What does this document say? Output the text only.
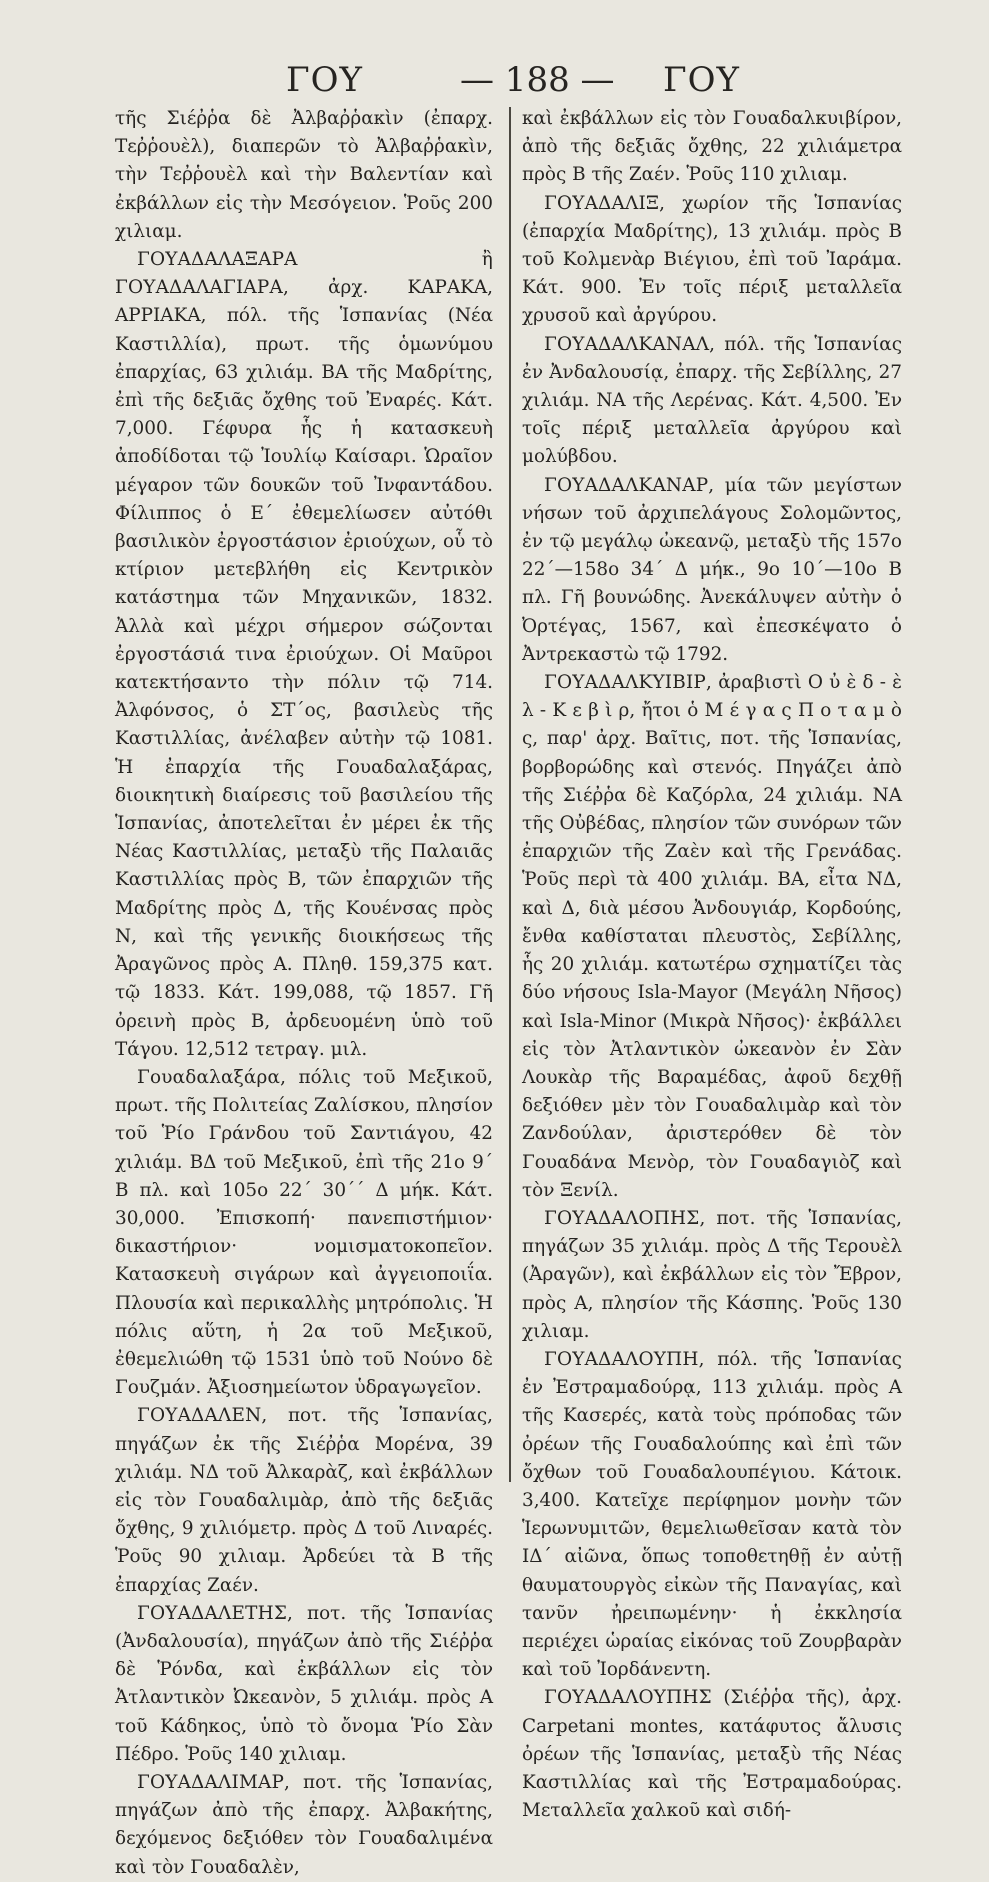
ΓΟΥ	— 188 — ΓΟΥ

τῆς Σιέῤῥα δὲ Ἀλβαῤῥακὶν (ἐπαρχ. Τεῤῥουὲλ), διαπερῶν τὸ Ἀλβαῤῥακὶν, τὴν Τεῤῥουὲλ καὶ τὴν Βαλεντίαν καὶ ἐκβάλλων εἰς τὴν Μεσόγειον. Ῥοῦς 200 χιλιαμ.

ΓΟΥΑΔΑΛΑΞΑΡΑ ἢ ΓΟΥΑΔΑΛΑΓΙΑΡΑ, ἀρχ. ΚΑΡΑΚΑ, ΑΡΡΙΑΚΑ, πόλ. τῆς Ἱσπανίας (Νέα Καστιλλία), πρωτ. τῆς ὁμωνύμου ἐπαρχίας, 63 χιλιάμ. ΒΑ τῆς Μαδρίτης, ἐπὶ τῆς δεξιᾶς ὄχθης τοῦ Ἐναρές. Κάτ. 7,000. Γέφυρα ἧς ἡ κατασκευὴ ἀποδίδοται τῷ Ἰουλίῳ Καίσαρι. Ὡραῖον μέγαρον τῶν δουκῶν τοῦ Ἰνφαντάδου. Φίλιππος ὁ Ε΄ ἐθεμελίωσεν αὐτόθι βασιλικὸν ἐργοστάσιον ἐριούχων, οὗ τὸ κτίριον μετεβλήθη εἰς Κεντρικὸν κατάστημα τῶν Μηχανικῶν, 1832. Ἀλλὰ καὶ μέχρι σήμερον σώζονται ἐργοστάσιά τινα ἐριούχων. Οἱ Μαῦροι κατεκτήσαντο τὴν πόλιν τῷ 714. Ἀλφόνσος, ὁ ΣΤ΄ος, βασιλεὺς τῆς Καστιλλίας, ἀνέλαβεν αὐτὴν τῷ 1081. Ἡ ἐπαρχία τῆς Γουαδαλαξάρας, διοικητικὴ διαίρεσις τοῦ βασιλείου τῆς Ἱσπανίας, ἀποτελεῖται ἐν μέρει ἐκ τῆς Νέας Καστιλλίας, μεταξὺ τῆς Παλαιᾶς Καστιλλίας πρὸς Β, τῶν ἐπαρχιῶν τῆς Μαδρίτης πρὸς Δ, τῆς Κουένσας πρὸς Ν, καὶ τῆς γενικῆς διοικήσεως τῆς Ἀραγῶνος πρὸς Α. Πληθ. 159,375 κατ. τῷ 1833. Κάτ. 199,088, τῷ 1857. Γῆ ὀρεινὴ πρὸς Β, ἀρδευομένη ὑπὸ τοῦ Τάγου. 12,512 τετραγ. μιλ.

Γουαδαλαξάρα, πόλις τοῦ Μεξικοῦ, πρωτ. τῆς Πολιτείας Ζαλίσκου, πλησίον τοῦ Ῥίο Γράνδου τοῦ Σαντιάγου, 42 χιλιάμ. ΒΔ τοῦ Μεξικοῦ, ἐπὶ τῆς 21ο 9΄ Β πλ. καὶ 105ο 22΄ 30΄΄ Δ μήκ. Κάτ. 30,000. Ἐπισκοπή· πανεπιστήμιον· δικαστήριον· νομισματοκοπεῖον. Κατασκευὴ σιγάρων καὶ ἀγγειοποιΐα. Πλουσία καὶ περικαλλὴς μητρόπολις. Ἡ πόλις αὕτη, ἡ 2α τοῦ Μεξικοῦ, ἐθεμελιώθη τῷ 1531 ὑπὸ τοῦ Νούνο δὲ Γουζμάν. Ἀξιοσημείωτον ὑδραγωγεῖον.

ΓΟΥΑΔΑΛΕΝ, ποτ. τῆς Ἱσπανίας, πηγάζων ἐκ τῆς Σιέῤῥα Μορένα, 39 χιλιάμ. ΝΔ τοῦ Ἀλκαρὰζ, καὶ ἐκβάλλων εἰς τὸν Γουαδαλιμὰρ, ἀπὸ τῆς δεξιᾶς ὄχθης, 9 χιλιόμετρ. πρὸς Δ τοῦ Λιναρές. Ῥοῦς 90 χιλιαμ. Ἀρδεύει τὰ Β τῆς ἐπαρχίας Ζαέν.

ΓΟΥΑΔΑΛΕΤΗΣ, ποτ. τῆς Ἱσπανίας (Ἀνδαλουσία), πηγάζων ἀπὸ τῆς Σιέῤῥα δὲ Ῥόνδα, καὶ ἐκβάλλων εἰς τὸν Ἀτλαντικὸν Ὠκεανὸν, 5 χιλιάμ. πρὸς Α τοῦ Κάδηκος, ὑπὸ τὸ ὄνομα Ῥίο Σὰν Πέδρο. Ῥοῦς 140 χιλιαμ.

ΓΟΥΑΔΑΛΙΜΑΡ, ποτ. τῆς Ἱσπανίας, πηγάζων ἀπὸ τῆς ἐπαρχ. Ἀλβακήτης, δεχόμενος δεξιόθεν τὸν Γουαδαλιμένα καὶ τὸν Γουαδαλὲν,

καὶ ἐκβάλλων εἰς τὸν Γουαδαλκυιβίρον, ἀπὸ τῆς δεξιᾶς ὄχθης, 22 χιλιάμετρα πρὸς Β τῆς Ζαέν. Ῥοῦς 110 χιλιαμ.

ΓΟΥΑΔΑΛΙΞ, χωρίον τῆς Ἱσπανίας (ἐπαρχία Μαδρίτης), 13 χιλιάμ. πρὸς Β τοῦ Κολμενὰρ Βιέγιου, ἐπὶ τοῦ Ἰαράμα. Κάτ. 900. Ἐν τοῖς πέριξ μεταλλεῖα χρυσοῦ καὶ ἀργύρου.

ΓΟΥΑΔΑΛΚΑΝΑΛ, πόλ. τῆς Ἱσπανίας ἐν Ἀνδαλουσίᾳ, ἐπαρχ. τῆς Σεβίλλης, 27 χιλιάμ. ΝΑ τῆς Λερένας. Κάτ. 4,500. Ἐν τοῖς πέριξ μεταλλεῖα ἀργύρου καὶ μολύβδου.

ΓΟΥΑΔΑΛΚΑΝΑΡ, μία τῶν μεγίστων νήσων τοῦ ἀρχιπελάγους Σολομῶντος, ἐν τῷ μεγάλῳ ὠκεανῷ, μεταξὺ τῆς 157ο 22΄—158ο 34΄ Δ μήκ., 9ο 10΄—10ο Β πλ. Γῆ βουνώδης. Ἀνεκάλυψεν αὐτὴν ὁ Ὀρτέγας, 1567, καὶ ἐπεσκέψατο ὁ Ἀντρεκαστὼ τῷ 1792.

ΓΟΥΑΔΑΛΚΥΙΒΙΡ, ἀραβιστὶ Ο ὐ ὲ δ - ὲ λ - Κ ε β ὶ ρ, ἤτοι ὁ Μ έ γ α ς Π ο τ α μ ὸ ς, παρ' ἀρχ. Βαῖτις, ποτ. τῆς Ἱσπανίας, βορβορώδης καὶ στενός. Πηγάζει ἀπὸ τῆς Σιέῤῥα δὲ Καζόρλα, 24 χιλιάμ. ΝΑ τῆς Οὐβέδας, πλησίον τῶν συνόρων τῶν ἐπαρχιῶν τῆς Ζαὲν καὶ τῆς Γρενάδας. Ῥοῦς περὶ τὰ 400 χιλιάμ. ΒΑ, εἶτα ΝΔ, καὶ Δ, διὰ μέσου Ἀνδουγιάρ, Κορδούης, ἔνθα καθίσταται πλευστὸς, Σεβίλλης, ἧς 20 χιλιάμ. κατωτέρω σχηματίζει τὰς δύο νήσους Isla-Mayor (Μεγάλη Νῆσος) καὶ Isla-Minor (Μικρὰ Νῆσος)· ἐκβάλλει εἰς τὸν Ἀτλαντικὸν ὠκεανὸν ἐν Σὰν Λουκὰρ τῆς Βαραμέδας, ἀφοῦ δεχθῇ δεξιόθεν μὲν τὸν Γουαδαλιμὰρ καὶ τὸν Ζανδούλαν, ἀριστερόθεν δὲ τὸν Γουαδάνα Μενὸρ, τὸν Γουαδαγιὸζ καὶ τὸν Ξενίλ.

ΓΟΥΑΔΑΛΟΠΗΣ, ποτ. τῆς Ἱσπανίας, πηγάζων 35 χιλιάμ. πρὸς Δ τῆς Τερουὲλ (Ἀραγῶν), καὶ ἐκβάλλων εἰς τὸν Ἔβρον, πρὸς Α, πλησίον τῆς Κάσπης. Ῥοῦς 130 χιλιαμ.

ΓΟΥΑΔΑΛΟΥΠΗ, πόλ. τῆς Ἱσπανίας ἐν Ἐστραμαδούρᾳ, 113 χιλιάμ. πρὸς Α τῆς Κασερές, κατὰ τοὺς πρόποδας τῶν ὀρέων τῆς Γουαδαλούπης καὶ ἐπὶ τῶν ὄχθων τοῦ Γουαδαλουπέγιου. Κάτοικ. 3,400. Κατεῖχε περίφημον μονὴν τῶν Ἱερωνυμιτῶν, θεμελιωθεῖσαν κατὰ τὸν ΙΔ΄ αἰῶνα, ὅπως τοποθετηθῇ ἐν αὐτῇ θαυματουργὸς εἰκὼν τῆς Παναγίας, καὶ τανῦν ἠρειπωμένην· ἡ ἐκκλησία περιέχει ὡραίας εἰκόνας τοῦ Ζουρβαρὰν καὶ τοῦ Ἰορδάνεντη.

ΓΟΥΑΔΑΛΟΥΠΗΣ (Σιέῤῥα τῆς), ἀρχ. Carpetani montes, κατάφυτος ἄλυσις ὀρέων τῆς Ἱσπανίας, μεταξὺ τῆς Νέας Καστιλλίας καὶ τῆς Ἐστραμαδούρας. Μεταλλεῖα χαλκοῦ καὶ σιδή-
